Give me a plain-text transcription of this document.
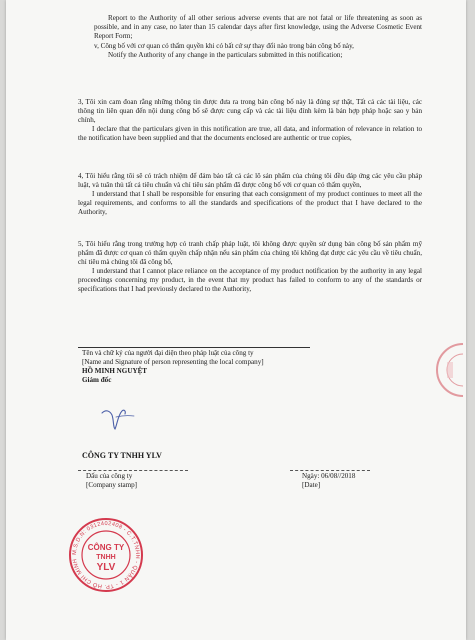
Report to the Authority of all other serious adverse events that are not fatal or life threatening as soon as possible, and in any case, no later than 15 calendar days after first knowledge, using the Adverse Cosmetic Event Report Form;

v, Công bố với cơ quan có thẩm quyền khi có bất cứ sự thay đổi nào trong bản công bố này,

Notify the Authority of any change in the particulars submitted in this notification;

3, Tôi xin cam đoan rằng những thông tin được đưa ra trong bản công bố này là đúng sự thật, Tất cả các tài liệu, các thông tin liên quan đến nội dung công bố sẽ được cung cấp và các tài liệu đính kèm là bản hợp pháp hoặc sao y bản chính,

I declare that the particulars given in this notification are true, all data, and information of relevance in relation to the notification have been supplied and that the documents enclosed are authentic or true copies,

4, Tôi hiểu rằng tôi sẽ có trách nhiệm để đảm bảo tất cả các lô sản phẩm của chúng tôi đều đáp ứng các yêu cầu pháp luật, và tuân thủ tất cả tiêu chuẩn và chỉ tiêu sản phẩm đã được công bố với cơ quan có thẩm quyền,

I understand that I shall be responsible for ensuring that each consignment of my product continues to meet all the legal requirements, and conforms to all the standards and specifications of the product that I have declared to the Authority,

5, Tôi hiểu rằng trong trường hợp có tranh chấp pháp luật, tôi không được quyền sử dụng bản công bố sản phẩm mỹ phẩm đã được cơ quan có thẩm quyền chấp nhận nếu sản phẩm của chúng tôi không đạt được các yêu cầu về tiêu chuẩn, chỉ tiêu mà chúng tôi đã công bố,

I understand that I cannot place reliance on the acceptance of my product notification by the authority in any legal proceedings concerning my product, in the event that my product has failed to conform to any of the standards or specifications that I had previously declared to the Authority,

Tên và chữ ký của người đại diện theo pháp luật của công ty

[Name and Signature of person representing the local company]

HỒ MINH NGUYỆT

Giám đốc

CÔNG TY TNHH YLV

Dấu của công ty

[Company stamp]

Ngày: 06/08//2018

[Date]

M.S.D.N: 0312402408 - C.T.TNHH - QUẬN 1 - TP. HỒ CHÍ MINH
CÔNG TY
TNHH
YLV
